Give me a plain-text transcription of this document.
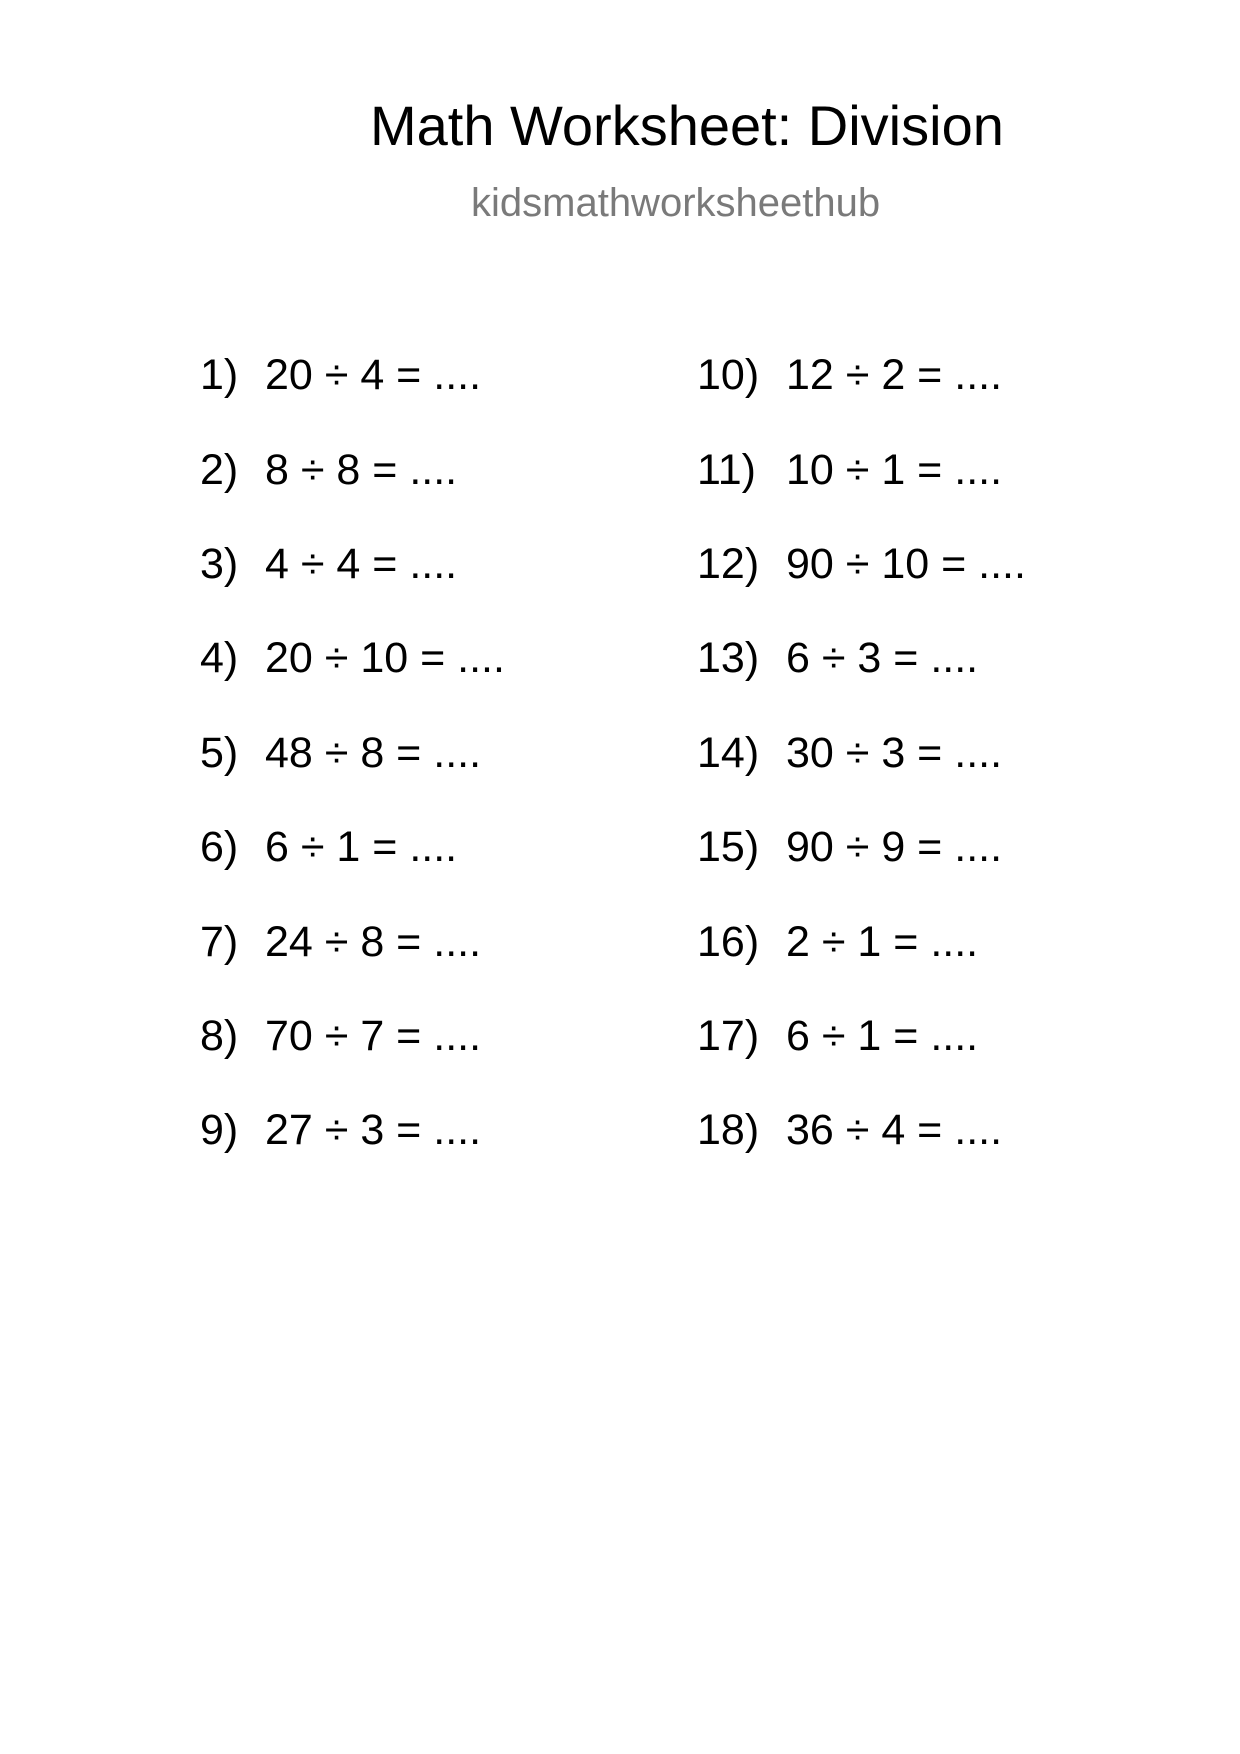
Math Worksheet: Division
kidsmathworksheethub
1) 20 ÷ 4 = ....
2) 8 ÷ 8 = ....
3) 4 ÷ 4 = ....
4) 20 ÷ 10 = ....
5) 48 ÷ 8 = ....
6) 6 ÷ 1 = ....
7) 24 ÷ 8 = ....
8) 70 ÷ 7 = ....
9) 27 ÷ 3 = ....
10) 12 ÷ 2 = ....
11) 10 ÷ 1 = ....
12) 90 ÷ 10 = ....
13) 6 ÷ 3 = ....
14) 30 ÷ 3 = ....
15) 90 ÷ 9 = ....
16) 2 ÷ 1 = ....
17) 6 ÷ 1 = ....
18) 36 ÷ 4 = ....
